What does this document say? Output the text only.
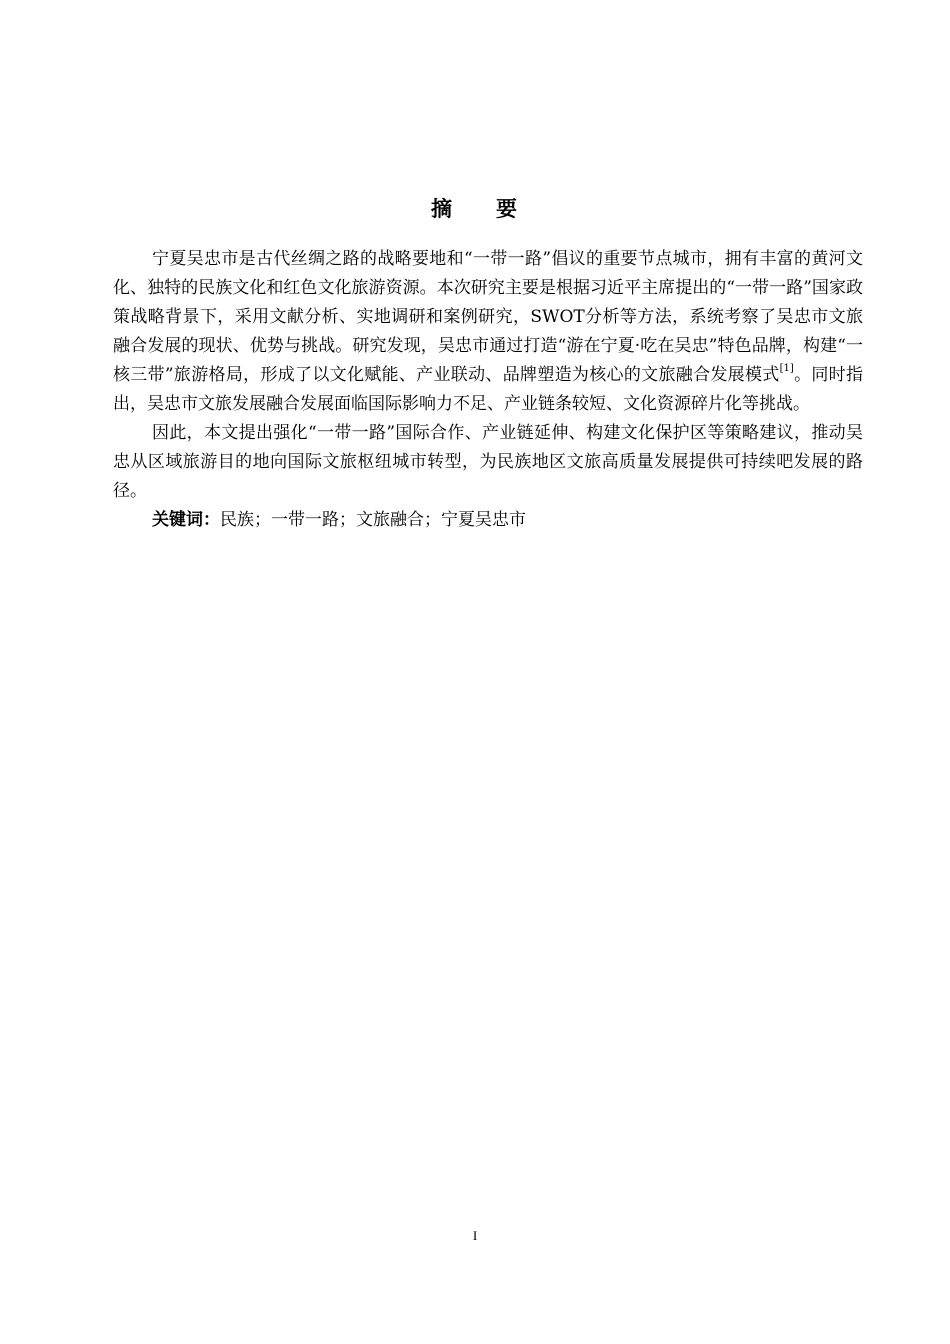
摘 要

宁夏吴忠市是古代丝绸之路的战略要地和“一带一路”倡议的重要节点城市，拥有丰富的黄河文化、独特的民族文化和红色文化旅游资源。本次研究主要是根据习近平主席提出的“一带一路”国家政策战略背景下，采用文献分析、实地调研和案例研究，SWOT分析等方法，系统考察了吴忠市文旅融合发展的现状、优势与挑战。研究发现，吴忠市通过打造“游在宁夏·吃在吴忠”特色品牌，构建“一核三带”旅游格局，形成了以文化赋能、产业联动、品牌塑造为核心的文旅融合发展模式[1]。同时指出，吴忠市文旅发展融合发展面临国际影响力不足、产业链条较短、文化资源碎片化等挑战。

因此，本文提出强化“一带一路”国际合作、产业链延伸、构建文化保护区等策略建议，推动吴忠从区域旅游目的地向国际文旅枢纽城市转型，为民族地区文旅高质量发展提供可持续吧发展的路径。

关键词：民族；一带一路；文旅融合；宁夏吴忠市

I
